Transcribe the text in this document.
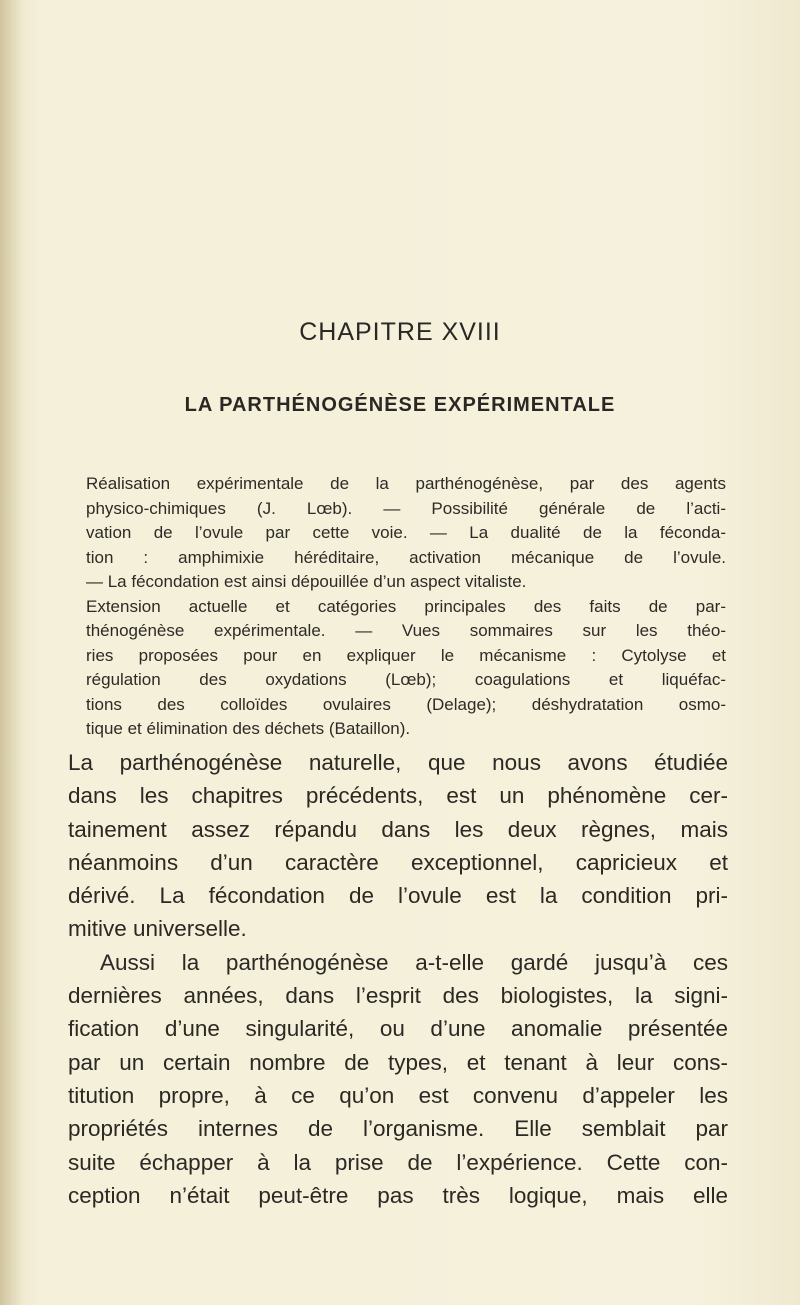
CHAPITRE XVIII
LA PARTHÉNOGÉNÈSE EXPÉRIMENTALE

Réalisation expérimentale de la parthénogénèse, par des agents
physico-chimiques (J. Lœb). — Possibilité générale de l’acti-
vation de l’ovule par cette voie. — La dualité de la féconda-
tion : amphimixie héréditaire, activation mécanique de l’ovule.
— La fécondation est ainsi dépouillée d’un aspect vitaliste.
Extension actuelle et catégories principales des faits de par-
thénogénèse expérimentale. — Vues sommaires sur les théo-
ries proposées pour en expliquer le mécanisme : Cytolyse et
régulation des oxydations (Lœb); coagulations et liquéfac-
tions des colloïdes ovulaires (Delage); déshydratation osmo-
tique et élimination des déchets (Bataillon).

La parthénogénèse naturelle, que nous avons étudiée
dans les chapitres précédents, est un phénomène cer-
tainement assez répandu dans les deux règnes, mais
néanmoins d’un caractère exceptionnel, capricieux et
dérivé. La fécondation de l’ovule est la condition pri-
mitive universelle.

Aussi la parthénogénèse a-t-elle gardé jusqu’à ces
dernières années, dans l’esprit des biologistes, la signi-
fication d’une singularité, ou d’une anomalie présentée
par un certain nombre de types, et tenant à leur cons-
titution propre, à ce qu’on est convenu d’appeler les
propriétés internes de l’organisme. Elle semblait par
suite échapper à la prise de l’expérience. Cette con-
ception n’était peut-être pas très logique, mais elle
